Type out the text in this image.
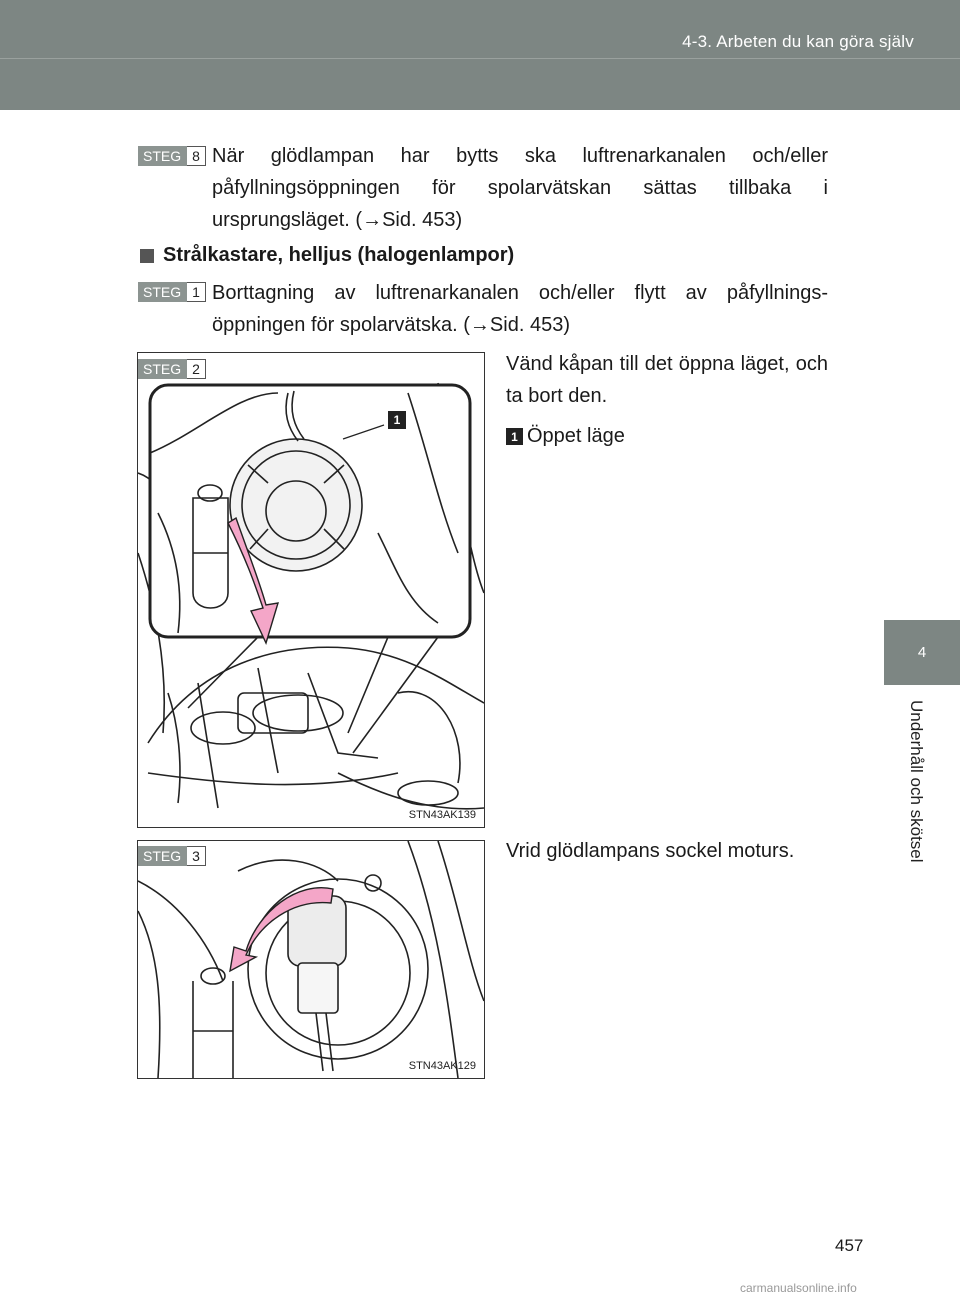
4-3. Arbeten du kan göra själv
4
Underhåll och skötsel
STEG 8 När glödlampan har bytts ska luftrenarkanalen och/eller påfyllningsöppningen för spolarvätskan sättas tillbaka i ursprungsläget. (→Sid. 453)
Strålkastare, helljus (halogenlampor)
STEG 1 Borttagning av luftrenarkanalen och/eller flytt av påfyllnings-öppningen för spolarvätska. (→Sid. 453)
1
STN43AK139
STEG 2	Vänd kåpan till det öppna läget, och ta bort den.
1 Öppet läge
STN43AK129
STEG 3	Vrid glödlampans sockel moturs.
457
carmanualsonline.info
